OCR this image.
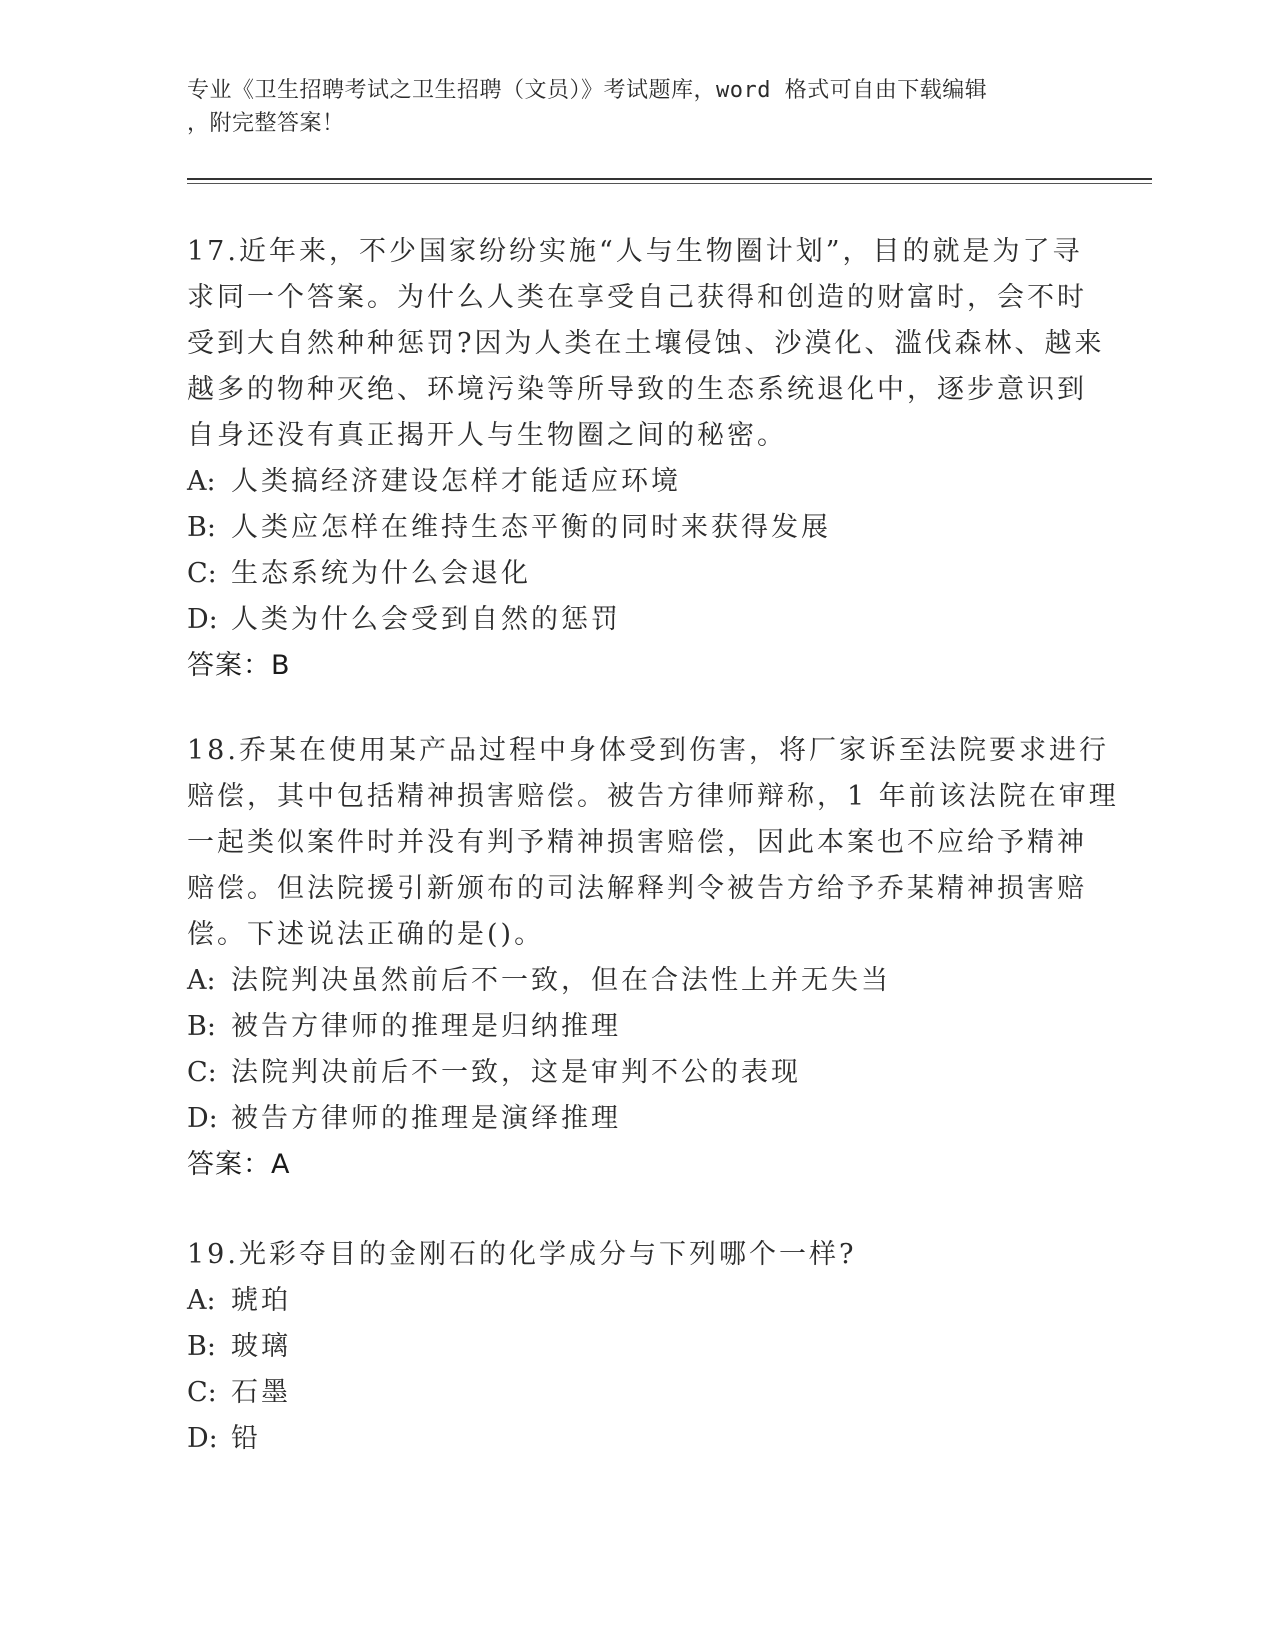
专业《卫生招聘考试之卫生招聘（文员）》考试题库，word 格式可自由下载编辑
，附完整答案！
17.近年来，不少国家纷纷实施“人与生物圈计划”，目的就是为了寻
求同一个答案。为什么人类在享受自己获得和创造的财富时，会不时
受到大自然种种惩罚?因为人类在土壤侵蚀、沙漠化、滥伐森林、越来
越多的物种灭绝、环境污染等所导致的生态系统退化中，逐步意识到
自身还没有真正揭开人与生物圈之间的秘密。
A: 人类搞经济建设怎样才能适应环境
B: 人类应怎样在维持生态平衡的同时来获得发展
C: 生态系统为什么会退化
D: 人类为什么会受到自然的惩罚
答案：B
18.乔某在使用某产品过程中身体受到伤害，将厂家诉至法院要求进行
赔偿，其中包括精神损害赔偿。被告方律师辩称，1 年前该法院在审理
一起类似案件时并没有判予精神损害赔偿，因此本案也不应给予精神
赔偿。但法院援引新颁布的司法解释判令被告方给予乔某精神损害赔
偿。下述说法正确的是()。
A: 法院判决虽然前后不一致，但在合法性上并无失当
B: 被告方律师的推理是归纳推理
C: 法院判决前后不一致，这是审判不公的表现
D: 被告方律师的推理是演绎推理
答案：A
19.光彩夺目的金刚石的化学成分与下列哪个一样?
A: 琥珀
B: 玻璃
C: 石墨
D: 铅
